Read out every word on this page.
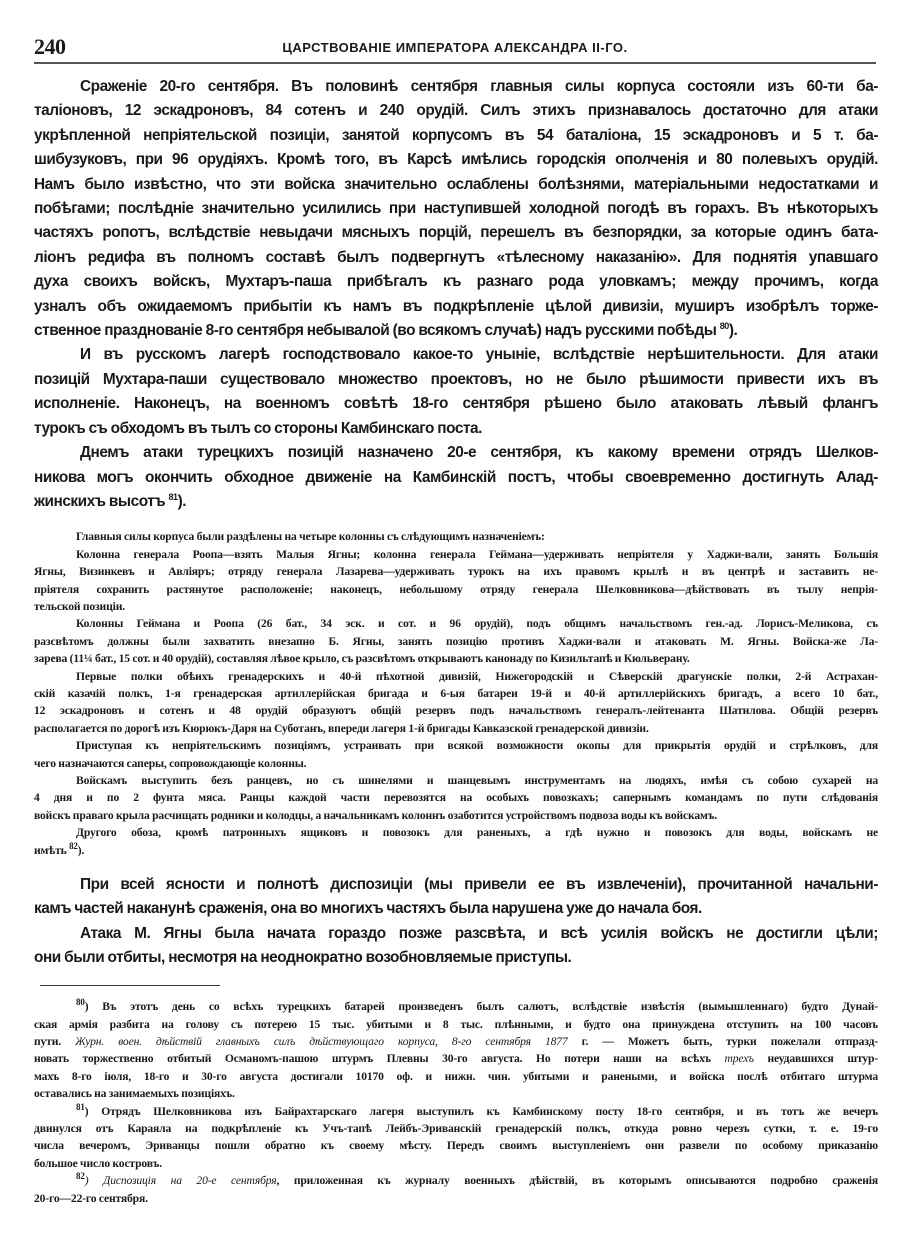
240	ЦАРСТВОВАНІЕ ИМПЕРАТОРА АЛЕКСАНДРА II-ГО.
Сраженіе 20-го сентября. Въ половинѣ сентября главныя силы корпуса состояли изъ 60-ти ба-
таліоновъ, 12 эскадроновъ, 84 сотенъ и 240 орудій. Силъ этихъ признавалось достаточно для атаки
укрѣпленной непріятельской позиціи, занятой корпусомъ въ 54 баталіона, 15 эскадроновъ и 5 т. ба-
шибузуковъ, при 96 орудіяхъ. Кромѣ того, въ Карсѣ имѣлись городскія ополченія и 80 полевыхъ орудій.
Намъ было извѣстно, что эти войска значительно ослаблены болѣзнями, матеріальными недостатками и
побѣгами; послѣдніе значительно усилились при наступившей холодной погодѣ въ горахъ. Въ нѣкоторыхъ
частяхъ ропотъ, вслѣдствіе невыдачи мясныхъ порцій, перешелъ въ безпорядки, за которые одинъ бата-
ліонъ редифа въ полномъ составѣ былъ подвергнутъ «тѣлесному наказанію». Для поднятія упавшаго
духа своихъ войскъ, Мухтаръ-паша прибѣгалъ къ разнаго рода уловкамъ; между прочимъ, когда
узналъ объ ожидаемомъ прибытіи къ намъ въ подкрѣпленіе цѣлой дивизіи, муширъ изобрѣлъ торже-
ственное празднованіе 8-го сентября небывалой (во всякомъ случаѣ) надъ русскими побѣды $^{80}$).
И въ русскомъ лагерѣ господствовало какое-то уныніе, вслѣдствіе нерѣшительности. Для атаки
позицій Мухтара-паши существовало множество проектовъ, но не было рѣшимости привести ихъ въ
исполненіе. Наконецъ, на военномъ совѣтѣ 18-го сентября рѣшено было атаковать лѣвый флангъ
турокъ съ обходомъ въ тылъ со стороны Камбинскаго поста.
Днемъ атаки турецкихъ позицій назначено 20-е сентября, къ какому времени отрядъ Шелков-
никова могъ окончить обходное движеніе на Камбинскій постъ, чтобы своевременно достигнуть Алад-
жинскихъ высотъ $^{81}$).
Главныя силы корпуса были раздѣлены на четыре колонны съ слѣдующимъ назначеніемъ:
Колонна генерала Роопа—взять Малыя Ягны; колонна генерала Геймана—удерживать непріятеля у Хаджи-вали, занять Большія
Ягны, Визинкевъ и Авліяръ; отряду генерала Лазарева—удерживать турокъ на ихъ правомъ крылѣ и въ центрѣ и заставить не-
пріятеля сохранить растянутое расположеніе; наконецъ, небольшому отряду генерала Шелковникова—дѣйствовать въ тылу непрія-
тельской позиціи.
Колонны Геймана и Роопа (26 бат., 34 эск. и сот. и 96 орудій), подъ общимъ начальствомъ ген.-ад. Лорисъ-Меликова, съ
разсвѣтомъ должны были захватить внезапно Б. Ягны, занять позицію противъ Хаджи-вали и атаковать М. Ягны. Войска-же Ла-
зарева (11¼ бат., 15 сот. и 40 орудій), составляя лѣвое крыло, съ разсвѣтомъ открываютъ канонаду по Кизильтапѣ и Кюльверану.
Первые полки обѣихъ гренадерскихъ и 40-й пѣхотной дивизій, Нижегородскій и Сѣверскій драгунскіе полки, 2-й Астрахан-
скій казачій полкъ, 1-я гренадерская артиллерійская бригада и 6-ыя батареи 19-й и 40-й артиллерійскихъ бригадъ, а всего 10 бат.,
12 эскадроновъ и сотенъ и 48 орудій образуютъ общій резервъ подъ начальствомъ генералъ-лейтенанта Шатилова. Общій резервъ
располагается по дорогѣ изъ Кюрюкъ-Даря на Суботанъ, впереди лагеря 1-й бригады Кавказской гренадерской дивизіи.
Приступая къ непріятельскимъ позиціямъ, устраивать при всякой возможности окопы для прикрытія орудій и стрѣлковъ, для
чего назначаются саперы, сопровождающіе колонны.
Войскамъ выступить безъ ранцевъ, но съ шинелями и шанцевымъ инструментамъ на людяхъ, имѣя съ собою сухарей на
4 дня и по 2 фунта мяса. Ранцы каждой части перевозятся на особыхъ повозкахъ; сапернымъ командамъ по пути слѣдованія
войскъ праваго крыла расчищать родники и колодцы, а начальникамъ колоннъ озаботится устройствомъ подвоза воды къ войскамъ.
Другого обоза, кромѣ патронныхъ ящиковъ и повозокъ для раненыхъ, а гдѣ нужно и повозокъ для воды, войскамъ не
имѣть $^{82}$).
При всей ясности и полнотѣ диспозиціи (мы привели ее въ извлеченіи), прочитанной начальни-
камъ частей наканунѣ сраженія, она во многихъ частяхъ была нарушена уже до начала боя.
Атака М. Ягны была начата гораздо позже разсвѣта, и всѣ усилія войскъ не достигли цѣли;
они были отбиты, несмотря на неоднократно возобновляемые приступы.
$^{80}$) Въ этотъ день со всѣхъ турецкихъ батарей произведенъ былъ салютъ, вслѣдствіе извѣстія (вымышленнаго) будто Дунай-
ская армія разбита на голову съ потерею 15 тыс. убитыми и 8 тыс. плѣнными, и будто она принуждена отступить на 100 часовъ
пути. Журн. воен. дѣйствій главныхъ силъ дѣйствующаго корпуса, 8-го сентября 1877 г. — Можетъ быть, турки пожелали отпразд-
новать торжественно отбитый Османомъ-пашою штурмъ Плевны 30-го августа. Но потери наши на всѣхъ трехъ неудавшихся штур-
махъ 8-го іюля, 18-го и 30-го августа достигали 10170 оф. и нижн. чин. убитыми и ранеными, и войска послѣ отбитаго штурма
оставались на занимаемыхъ позиціяхъ.
$^{81}$) Отрядъ Шелковникова изъ Байрахтарскаго лагеря выступилъ къ Камбинскому посту 18-го сентября, и въ тотъ же вечеръ
двинулся отъ Караяла на подкрѣпленіе къ Учъ-тапѣ Лейбъ-Эриванскій гренадерскій полкъ, откуда ровно черезъ сутки, т. е. 19-го
числа вечеромъ, Эриванцы пошли обратно къ своему мѣсту. Передъ своимъ выступленіемъ они развели по особому приказанію
большое число костровъ.
$^{82}$) Диспозиція на 20-е сентября, приложенная къ журналу военныхъ дѣйствій, въ которымъ описываются подробно сраженія
20-го—22-го сентября.
